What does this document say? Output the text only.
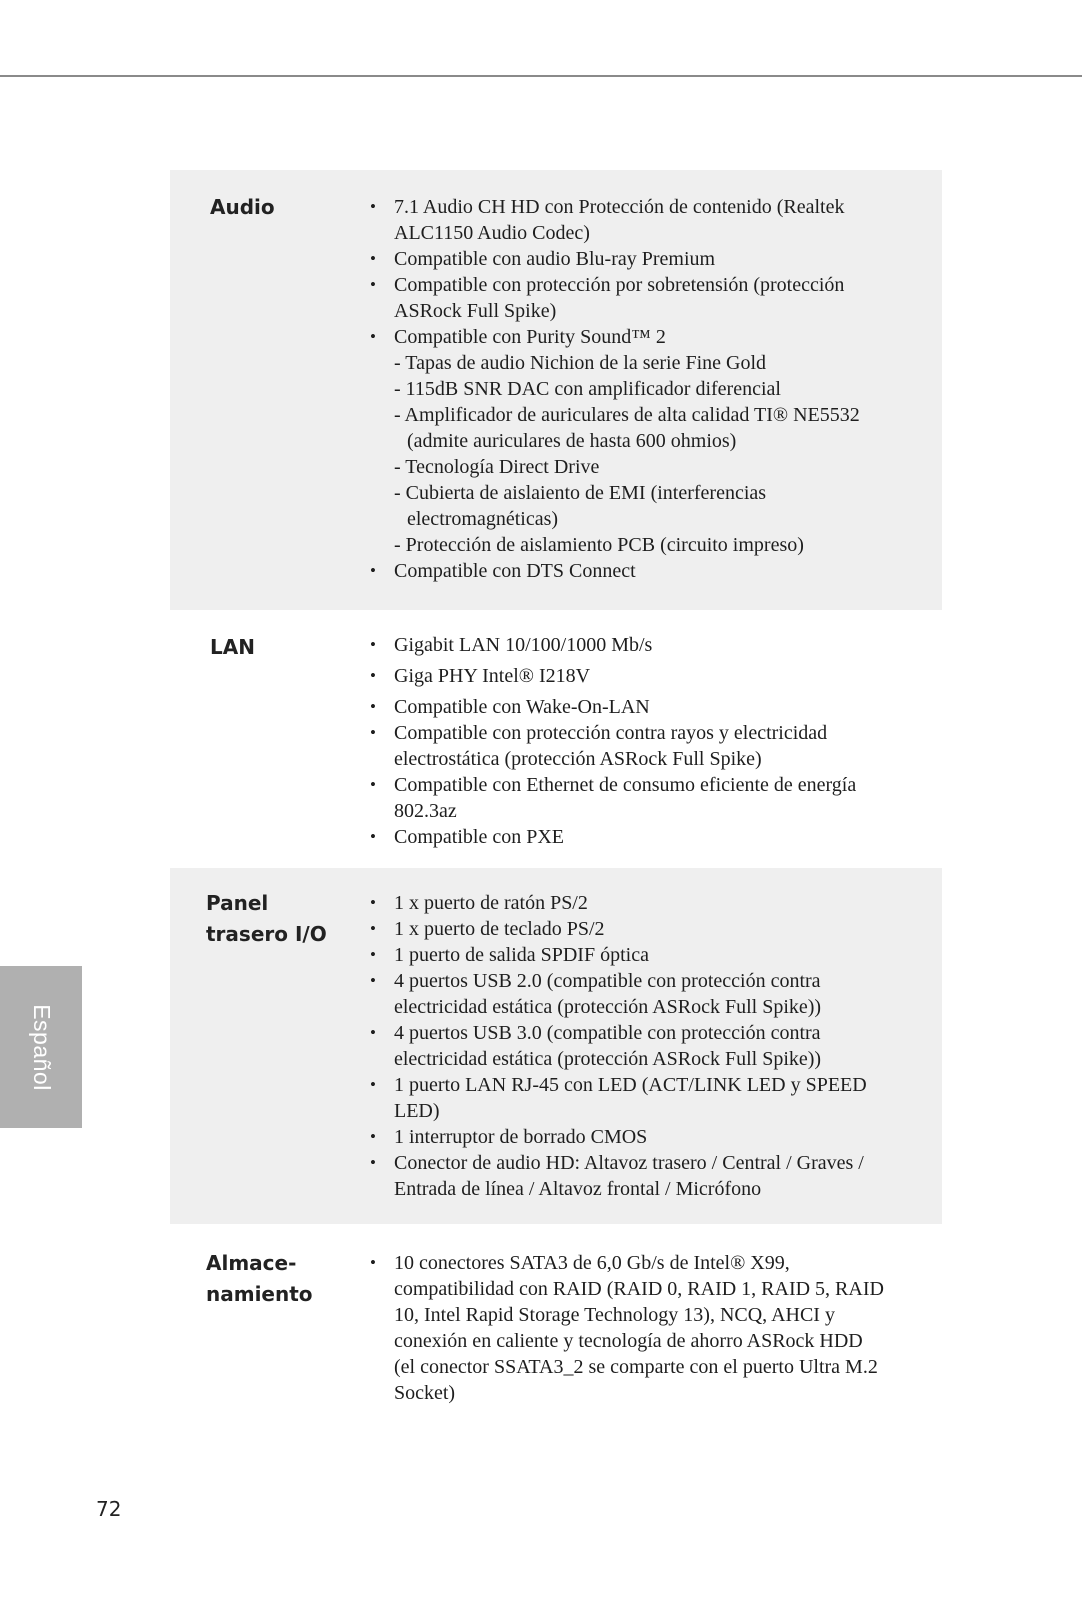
Español
Audio	• 7.1 Audio CH HD con Protección de contenido (Realtek ALC1150 Audio Codec)
• Compatible con audio Blu-ray Premium
• Compatible con protección por sobretensión (protección ASRock Full Spike)
• Compatible con Purity Sound™ 2
- Tapas de audio Nichion de la serie Fine Gold
- 115dB SNR DAC con amplificador diferencial
- Amplificador de auriculares de alta calidad TI® NE5532 (admite auriculares de hasta 600 ohmios)
- Tecnología Direct Drive
- Cubierta de aislaiento de EMI (interferencias electromagnéticas)
- Protección de aislamiento PCB (circuito impreso)
• Compatible con DTS Connect
LAN	• Gigabit LAN 10/100/1000 Mb/s
• Giga PHY Intel® I218V
• Compatible con Wake-On-LAN
• Compatible con protección contra rayos y electricidad electrostática (protección ASRock Full Spike)
• Compatible con Ethernet de consumo eficiente de energía 802.3az
• Compatible con PXE
Panel
trasero I/O
• 1 x puerto de ratón PS/2
• 1 x puerto de teclado PS/2
• 1 puerto de salida SPDIF óptica
• 4 puertos USB 2.0 (compatible con protección contra electricidad estática (protección ASRock Full Spike))
• 4 puertos USB 3.0 (compatible con protección contra electricidad estática (protección ASRock Full Spike))
• 1 puerto LAN RJ-45 con LED (ACT/LINK LED y SPEED LED)
• 1 interruptor de borrado CMOS
• Conector de audio HD: Altavoz trasero / Central / Graves / Entrada de línea / Altavoz frontal / Micrófono
Almace-
namiento
• 10 conectores SATA3 de 6,0 Gb/s de Intel® X99, compatibilidad con RAID (RAID 0, RAID 1, RAID 5, RAID 10, Intel Rapid Storage Technology 13), NCQ, AHCI y conexión en caliente y tecnología de ahorro ASRock HDD
(el conector SSATA3_2 se comparte con el puerto Ultra M.2 Socket)
72
